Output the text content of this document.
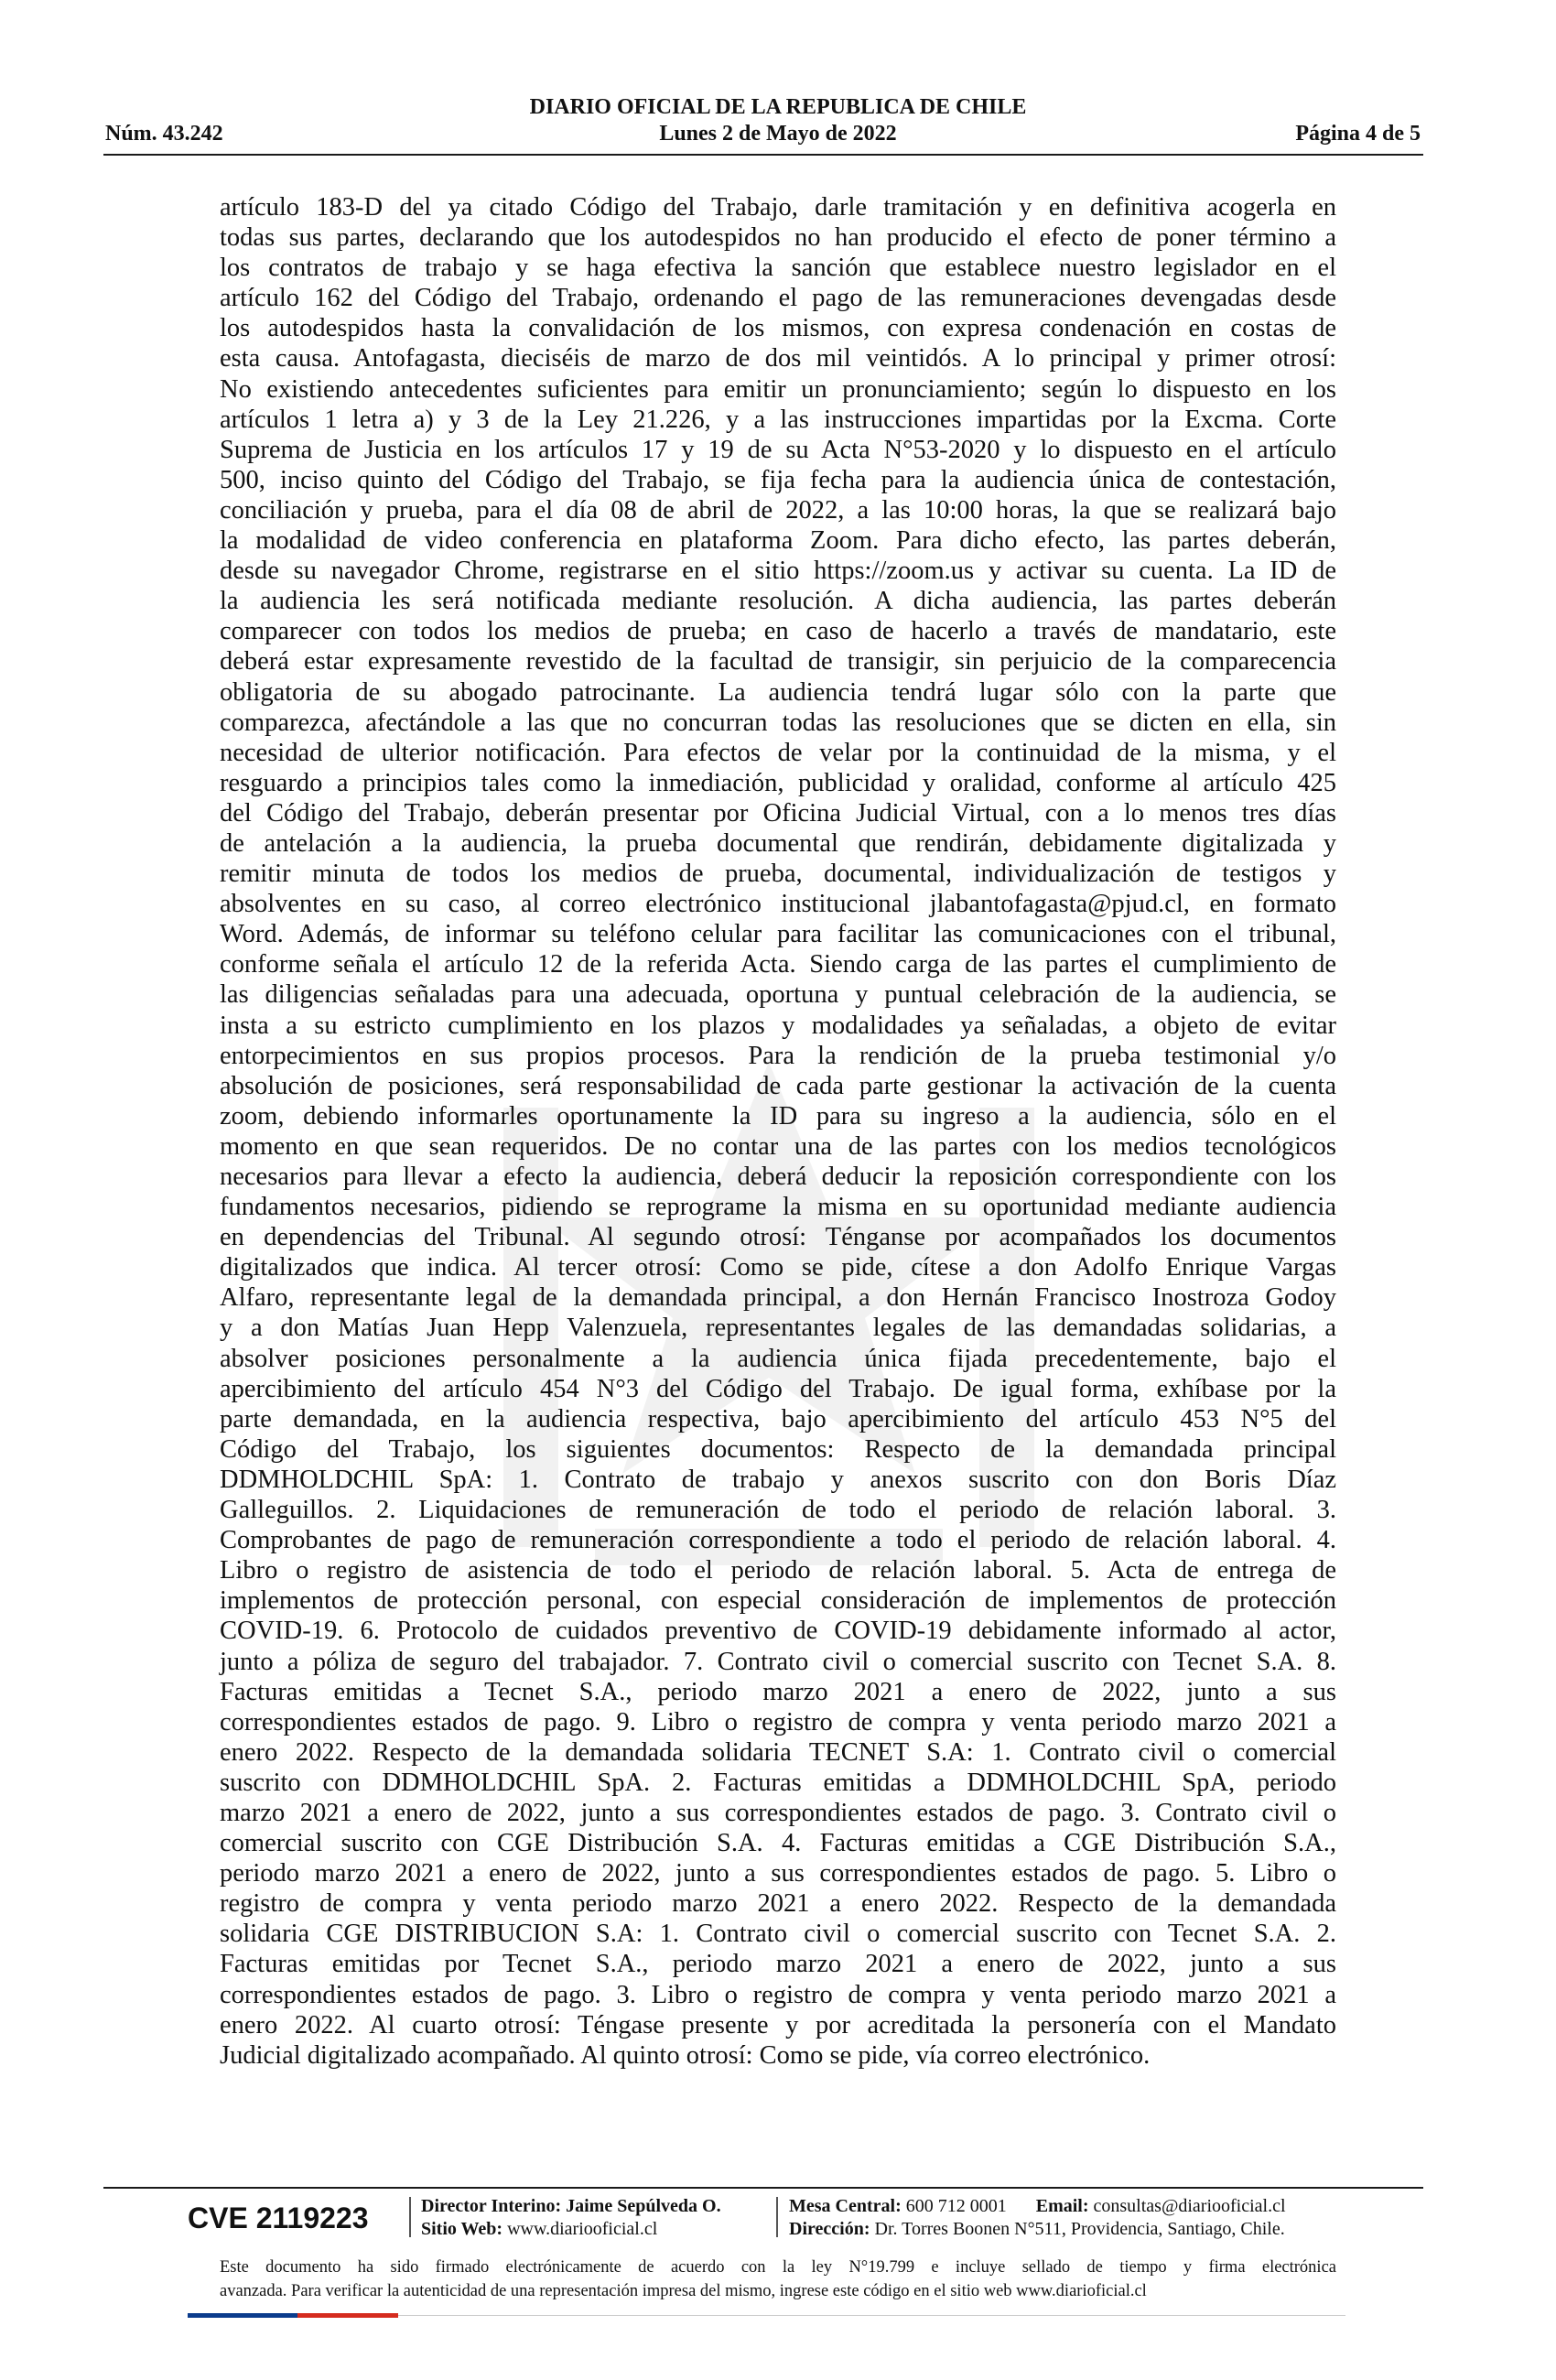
DIARIO OFICIAL DE LA REPUBLICA DE CHILE
Núm. 43.242	Lunes 2 de Mayo de 2022	Página 4 de 5
artículo 183-D del ya citado Código del Trabajo, darle tramitación y en definitiva acogerla en
todas sus partes, declarando que los autodespidos no han producido el efecto de poner término a
los contratos de trabajo y se haga efectiva la sanción que establece nuestro legislador en el
artículo 162 del Código del Trabajo, ordenando el pago de las remuneraciones devengadas desde
los autodespidos hasta la convalidación de los mismos, con expresa condenación en costas de
esta causa. Antofagasta, dieciséis de marzo de dos mil veintidós. A lo principal y primer otrosí:
No existiendo antecedentes suficientes para emitir un pronunciamiento; según lo dispuesto en los
artículos 1 letra a) y 3 de la Ley 21.226, y a las instrucciones impartidas por la Excma. Corte
Suprema de Justicia en los artículos 17 y 19 de su Acta N°53-2020 y lo dispuesto en el artículo
500, inciso quinto del Código del Trabajo, se fija fecha para la audiencia única de contestación,
conciliación y prueba, para el día 08 de abril de 2022, a las 10:00 horas, la que se realizará bajo
la modalidad de video conferencia en plataforma Zoom. Para dicho efecto, las partes deberán,
desde su navegador Chrome, registrarse en el sitio https://zoom.us y activar su cuenta. La ID de
la audiencia les será notificada mediante resolución. A dicha audiencia, las partes deberán
comparecer con todos los medios de prueba; en caso de hacerlo a través de mandatario, este
deberá estar expresamente revestido de la facultad de transigir, sin perjuicio de la comparecencia
obligatoria de su abogado patrocinante. La audiencia tendrá lugar sólo con la parte que
comparezca, afectándole a las que no concurran todas las resoluciones que se dicten en ella, sin
necesidad de ulterior notificación. Para efectos de velar por la continuidad de la misma, y el
resguardo a principios tales como la inmediación, publicidad y oralidad, conforme al artículo 425
del Código del Trabajo, deberán presentar por Oficina Judicial Virtual, con a lo menos tres días
de antelación a la audiencia, la prueba documental que rendirán, debidamente digitalizada y
remitir minuta de todos los medios de prueba, documental, individualización de testigos y
absolventes en su caso, al correo electrónico institucional jlabantofagasta@pjud.cl, en formato
Word. Además, de informar su teléfono celular para facilitar las comunicaciones con el tribunal,
conforme señala el artículo 12 de la referida Acta. Siendo carga de las partes el cumplimiento de
las diligencias señaladas para una adecuada, oportuna y puntual celebración de la audiencia, se
insta a su estricto cumplimiento en los plazos y modalidades ya señaladas, a objeto de evitar
entorpecimientos en sus propios procesos. Para la rendición de la prueba testimonial y/o
absolución de posiciones, será responsabilidad de cada parte gestionar la activación de la cuenta
zoom, debiendo informarles oportunamente la ID para su ingreso a la audiencia, sólo en el
momento en que sean requeridos. De no contar una de las partes con los medios tecnológicos
necesarios para llevar a efecto la audiencia, deberá deducir la reposición correspondiente con los
fundamentos necesarios, pidiendo se reprograme la misma en su oportunidad mediante audiencia
en dependencias del Tribunal. Al segundo otrosí: Ténganse por acompañados los documentos
digitalizados que indica. Al tercer otrosí: Como se pide, cítese a don Adolfo Enrique Vargas
Alfaro, representante legal de la demandada principal, a don Hernán Francisco Inostroza Godoy
y a don Matías Juan Hepp Valenzuela, representantes legales de las demandadas solidarias, a
absolver posiciones personalmente a la audiencia única fijada precedentemente, bajo el
apercibimiento del artículo 454 N°3 del Código del Trabajo. De igual forma, exhíbase por la
parte demandada, en la audiencia respectiva, bajo apercibimiento del artículo 453 N°5 del
Código del Trabajo, los siguientes documentos: Respecto de la demandada principal
DDMHOLDCHIL SpA: 1. Contrato de trabajo y anexos suscrito con don Boris Díaz
Galleguillos. 2. Liquidaciones de remuneración de todo el periodo de relación laboral. 3.
Comprobantes de pago de remuneración correspondiente a todo el periodo de relación laboral. 4.
Libro o registro de asistencia de todo el periodo de relación laboral. 5. Acta de entrega de
implementos de protección personal, con especial consideración de implementos de protección
COVID-19. 6. Protocolo de cuidados preventivo de COVID-19 debidamente informado al actor,
junto a póliza de seguro del trabajador. 7. Contrato civil o comercial suscrito con Tecnet S.A. 8.
Facturas emitidas a Tecnet S.A., periodo marzo 2021 a enero de 2022, junto a sus
correspondientes estados de pago. 9. Libro o registro de compra y venta periodo marzo 2021 a
enero 2022. Respecto de la demandada solidaria TECNET S.A: 1. Contrato civil o comercial
suscrito con DDMHOLDCHIL SpA. 2. Facturas emitidas a DDMHOLDCHIL SpA, periodo
marzo 2021 a enero de 2022, junto a sus correspondientes estados de pago. 3. Contrato civil o
comercial suscrito con CGE Distribución S.A. 4. Facturas emitidas a CGE Distribución S.A.,
periodo marzo 2021 a enero de 2022, junto a sus correspondientes estados de pago. 5. Libro o
registro de compra y venta periodo marzo 2021 a enero 2022. Respecto de la demandada
solidaria CGE DISTRIBUCION S.A: 1. Contrato civil o comercial suscrito con Tecnet S.A. 2.
Facturas emitidas por Tecnet S.A., periodo marzo 2021 a enero de 2022, junto a sus
correspondientes estados de pago. 3. Libro o registro de compra y venta periodo marzo 2021 a
enero 2022. Al cuarto otrosí: Téngase presente y por acreditada la personería con el Mandato
Judicial digitalizado acompañado. Al quinto otrosí: Como se pide, vía correo electrónico.
CVE 2119223	Director Interino: Jaime Sepúlveda O.
Sitio Web: www.diariooficial.cl
Mesa Central: 600 712 0001 Email: consultas@diariooficial.cl
Dirección: Dr. Torres Boonen N°511, Providencia, Santiago, Chile.
Este documento ha sido firmado electrónicamente de acuerdo con la ley N°19.799 e incluye sellado de tiempo y firma electrónica
avanzada. Para verificar la autenticidad de una representación impresa del mismo, ingrese este código en el sitio web www.diarioficial.cl
